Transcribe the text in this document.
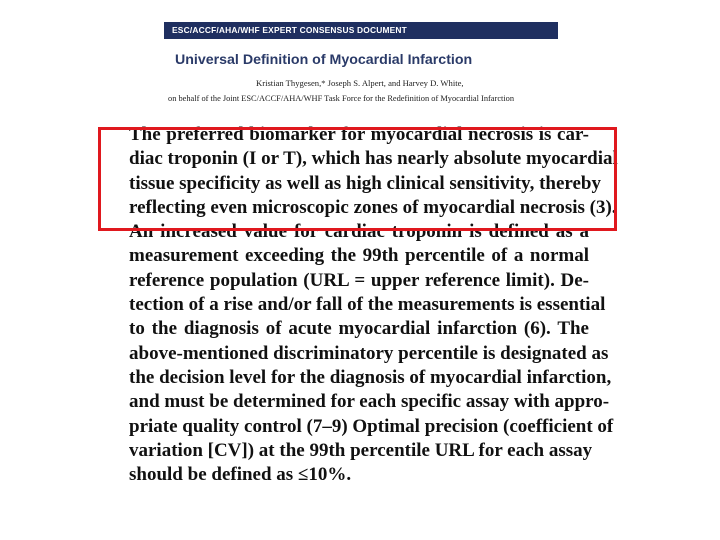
ESC/ACCF/AHA/WHF EXPERT CONSENSUS DOCUMENT
Universal Definition of Myocardial Infarction
Kristian Thygesen,* Joseph S. Alpert, and Harvey D. White,
on behalf of the Joint ESC/ACCF/AHA/WHF Task Force for the Redefinition of Myocardial Infarction
The preferred biomarker for myocardial necrosis is car-
diac troponin (I or T), which has nearly absolute myocardial
tissue specificity as well as high clinical sensitivity, thereby
reflecting even microscopic zones of myocardial necrosis (3).
An increased value for cardiac troponin is defined as a
measurement exceeding the 99th percentile of a normal
reference population (URL = upper reference limit). De-
tection of a rise and/or fall of the measurements is essential
to the diagnosis of acute myocardial infarction (6). The
above-mentioned discriminatory percentile is designated as
the decision level for the diagnosis of myocardial infarction,
and must be determined for each specific assay with appro-
priate quality control (7–9) Optimal precision (coefficient of
variation [CV]) at the 99th percentile URL for each assay
should be defined as ≤10%.
